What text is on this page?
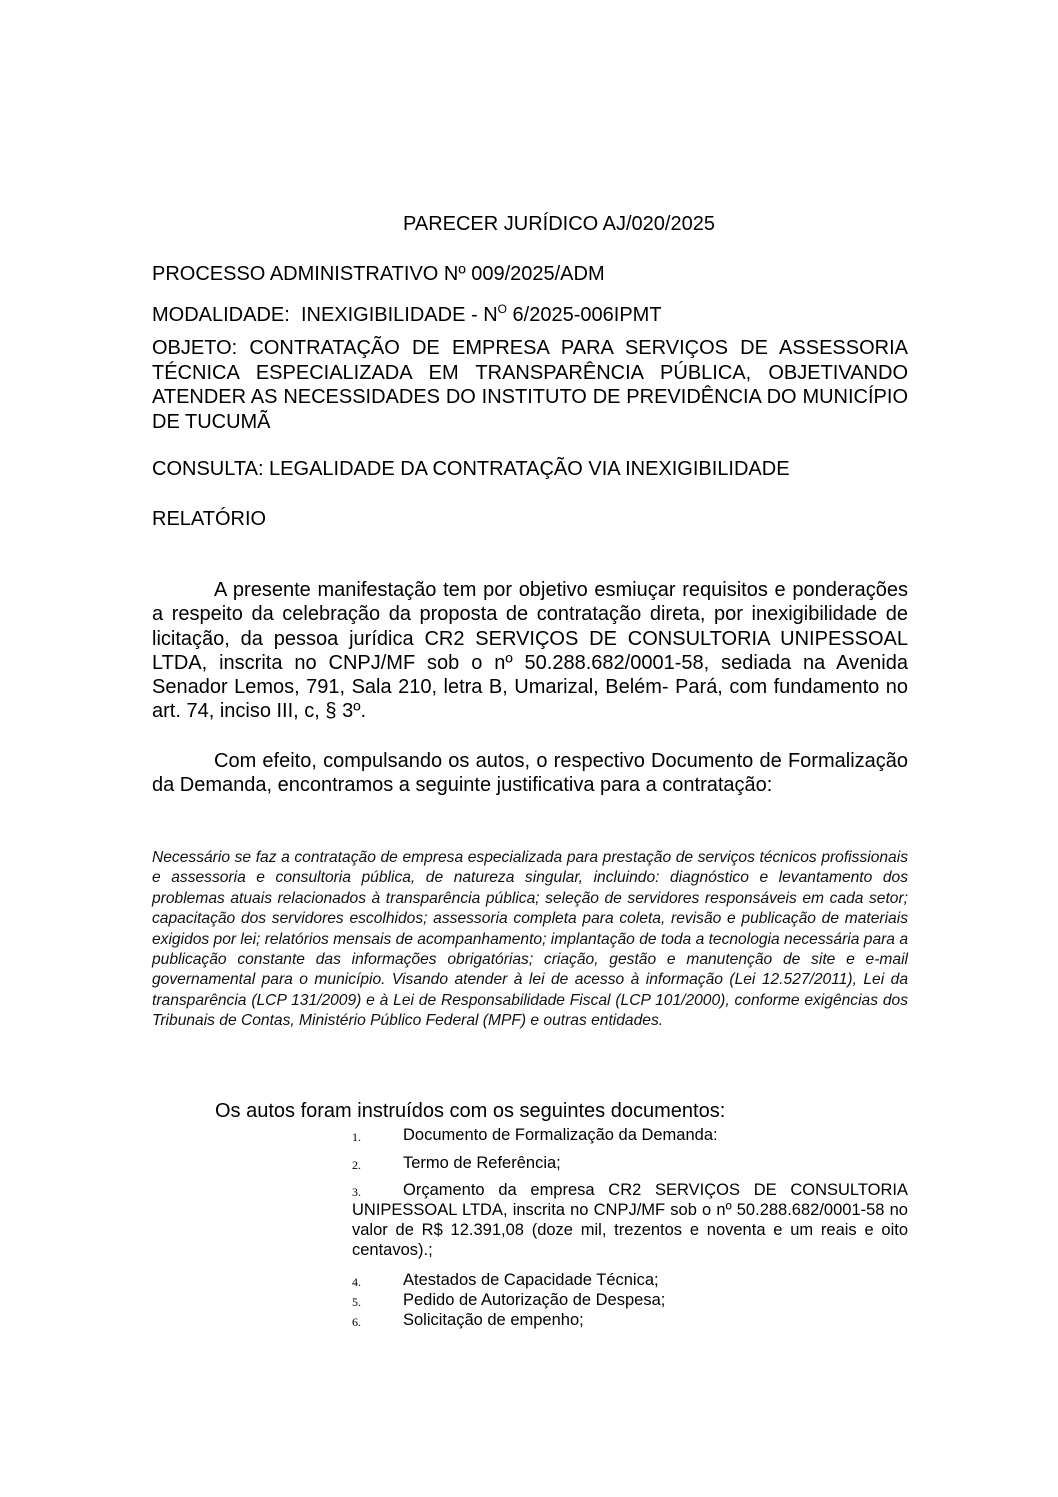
PARECER JURÍDICO AJ/020/2025
PROCESSO ADMINISTRATIVO Nº 009/2025/ADM
MODALIDADE: INEXIGIBILIDADE - $N^O$ 6/2025-006IPMT
OBJETO: CONTRATAÇÃO DE EMPRESA PARA SERVIÇOS DE ASSESSORIA TÉCNICA ESPECIALIZADA EM TRANSPARÊNCIA PÚBLICA, OBJETIVANDO ATENDER AS NECESSIDADES DO INSTITUTO DE PREVIDÊNCIA DO MUNICÍPIO DE TUCUMÃ
CONSULTA: LEGALIDADE DA CONTRATAÇÃO VIA INEXIGIBILIDADE
RELATÓRIO
A presente manifestação tem por objetivo esmiuçar requisitos e ponderações a respeito da celebração da proposta de contratação direta, por inexigibilidade de licitação, da pessoa jurídica CR2 SERVIÇOS DE CONSULTORIA UNIPESSOAL LTDA, inscrita no CNPJ/MF sob o nº 50.288.682/0001-58, sediada na Avenida Senador Lemos, 791, Sala 210, letra B, Umarizal, Belém- Pará, com fundamento no art. 74, inciso III, c, § 3º.
Com efeito, compulsando os autos, o respectivo Documento de Formalização da Demanda, encontramos a seguinte justificativa para a contratação:
Necessário se faz a contratação de empresa especializada para prestação de serviços técnicos profissionais e assessoria e consultoria pública, de natureza singular, incluindo: diagnóstico e levantamento dos problemas atuais relacionados à transparência pública; seleção de servidores responsáveis em cada setor; capacitação dos servidores escolhidos; assessoria completa para coleta, revisão e publicação de materiais exigidos por lei; relatórios mensais de acompanhamento; implantação de toda a tecnologia necessária para a publicação constante das informações obrigatórias; criação, gestão e manutenção de site e e-mail governamental para o município. Visando atender à lei de acesso à informação (Lei 12.527/2011), Lei da transparência (LCP 131/2009) e à Lei de Responsabilidade Fiscal (LCP 101/2000), conforme exigências dos Tribunais de Contas, Ministério Público Federal (MPF) e outras entidades.
Os autos foram instruídos com os seguintes documentos:
1.	Documento de Formalização da Demanda:
2.	Termo de Referência;
3.	Orçamento da empresa CR2 SERVIÇOS DE CONSULTORIA UNIPESSOAL LTDA, inscrita no CNPJ/MF sob o nº 50.288.682/0001-58 no valor de R$ 12.391,08 (doze mil, trezentos e noventa e um reais e oito centavos).;
4.	Atestados de Capacidade Técnica;
5.	Pedido de Autorização de Despesa;
6.	Solicitação de empenho;
